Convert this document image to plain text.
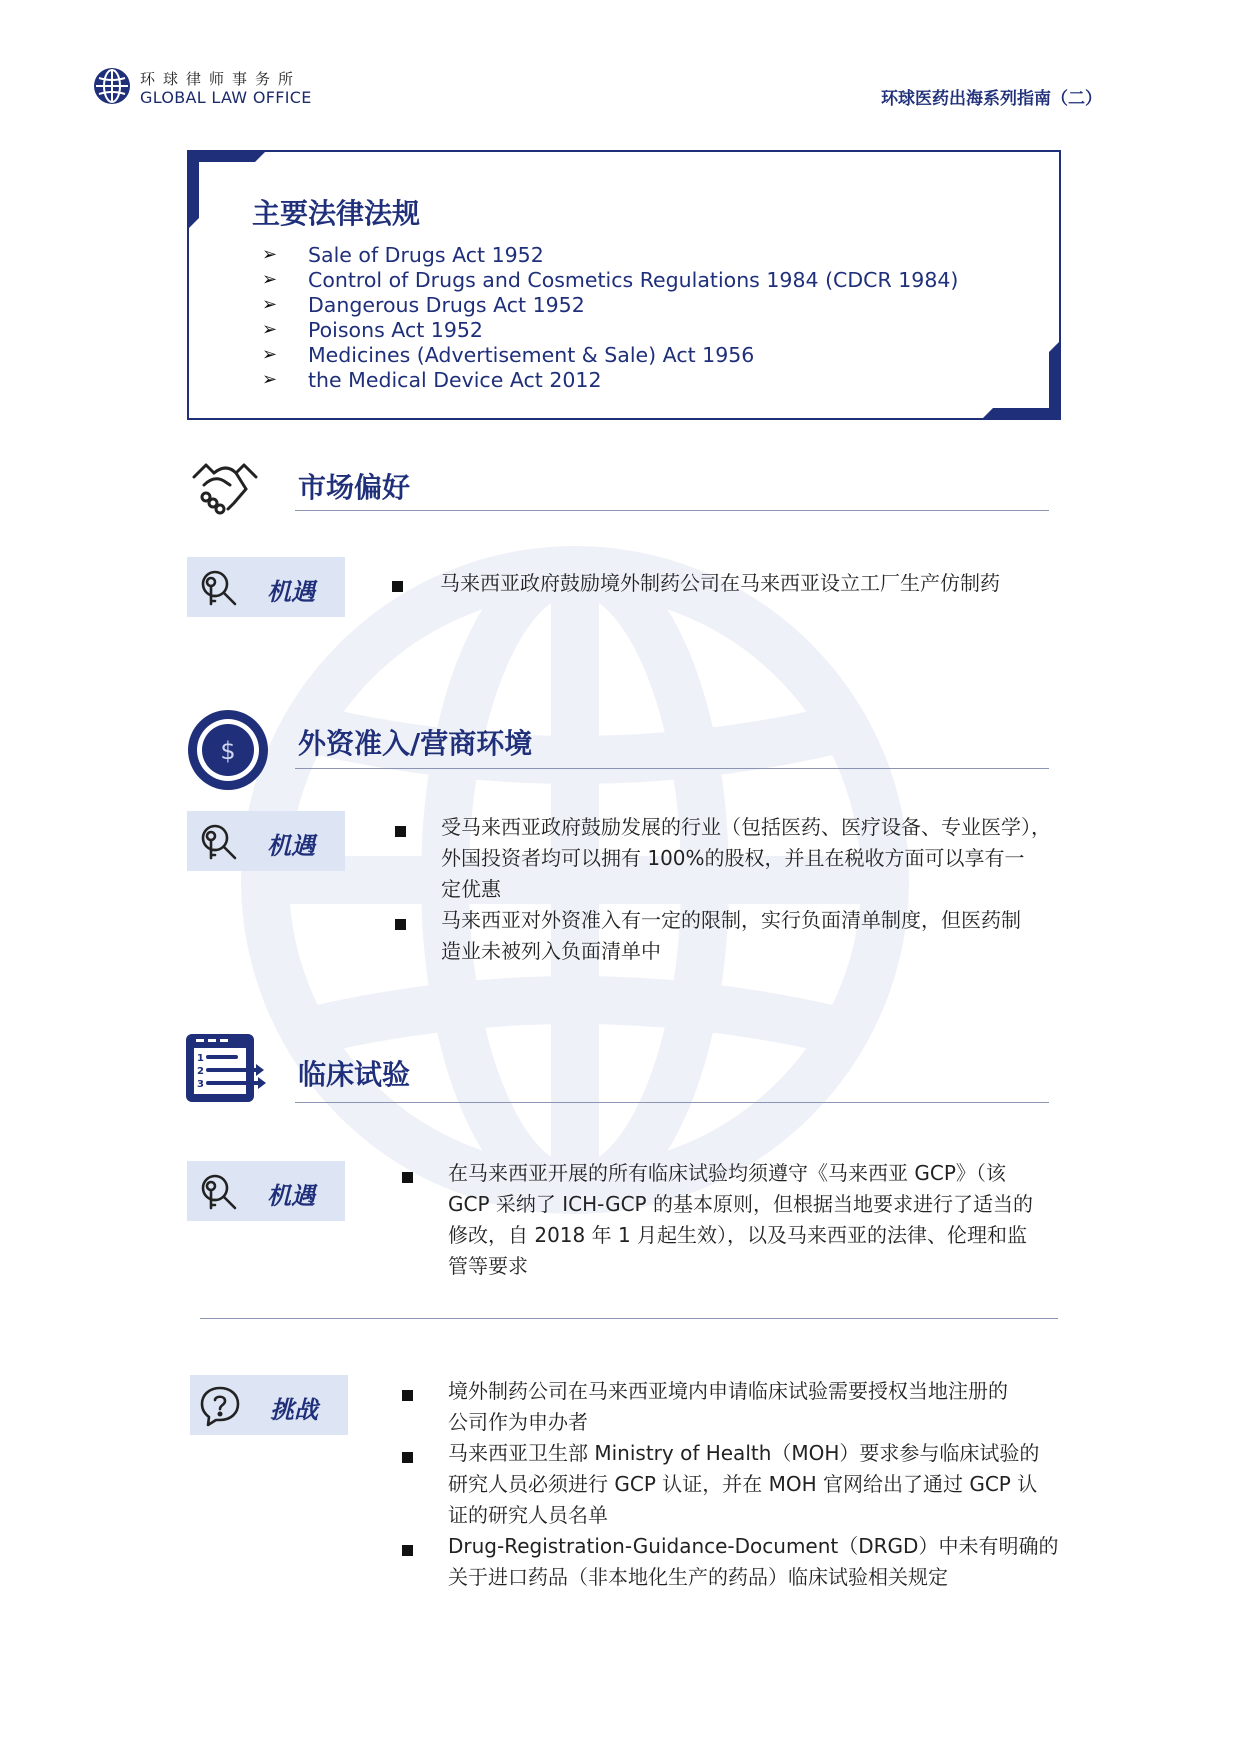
环球律师事务所
GLOBAL LAW OFFICE	环球医药出海系列指南（二）
主要法律法规
➢	Sale of Drugs Act 1952
➢	Control of Drugs and Cosmetics Regulations 1984 (CDCR 1984)
➢	Dangerous Drugs Act 1952
➢	Poisons Act 1952
➢	Medicines (Advertisement & Sale) Act 1956
➢	the Medical Device Act 2012
市场偏好
机遇	马来西亚政府鼓励境外制药公司在马来西亚设立工厂生产仿制药
$ 外资准入/营商环境
机遇
受马来西亚政府鼓励发展的行业（包括医药、医疗设备、专业医学），
外国投资者均可以拥有 100%的股权，并且在税收方面可以享有一
定优惠
马来西亚对外资准入有一定的限制，实行负面清单制度，但医药制
造业未被列入负面清单中
1
2
3	临床试验
机遇
在马来西亚开展的所有临床试验均须遵守《马来西亚 GCP》（该
GCP 采纳了 ICH-GCP 的基本原则，但根据当地要求进行了适当的
修改，自 2018 年 1 月起生效），以及马来西亚的法律、伦理和监
管等要求
挑战
境外制药公司在马来西亚境内申请临床试验需要授权当地注册的
公司作为申办者
马来西亚卫生部 Ministry of Health（MOH）要求参与临床试验的
研究人员必须进行 GCP 认证，并在 MOH 官网给出了通过 GCP 认
证的研究人员名单
Drug-Registration-Guidance-Document（DRGD）中未有明确的
关于进口药品（非本地化生产的药品）临床试验相关规定
